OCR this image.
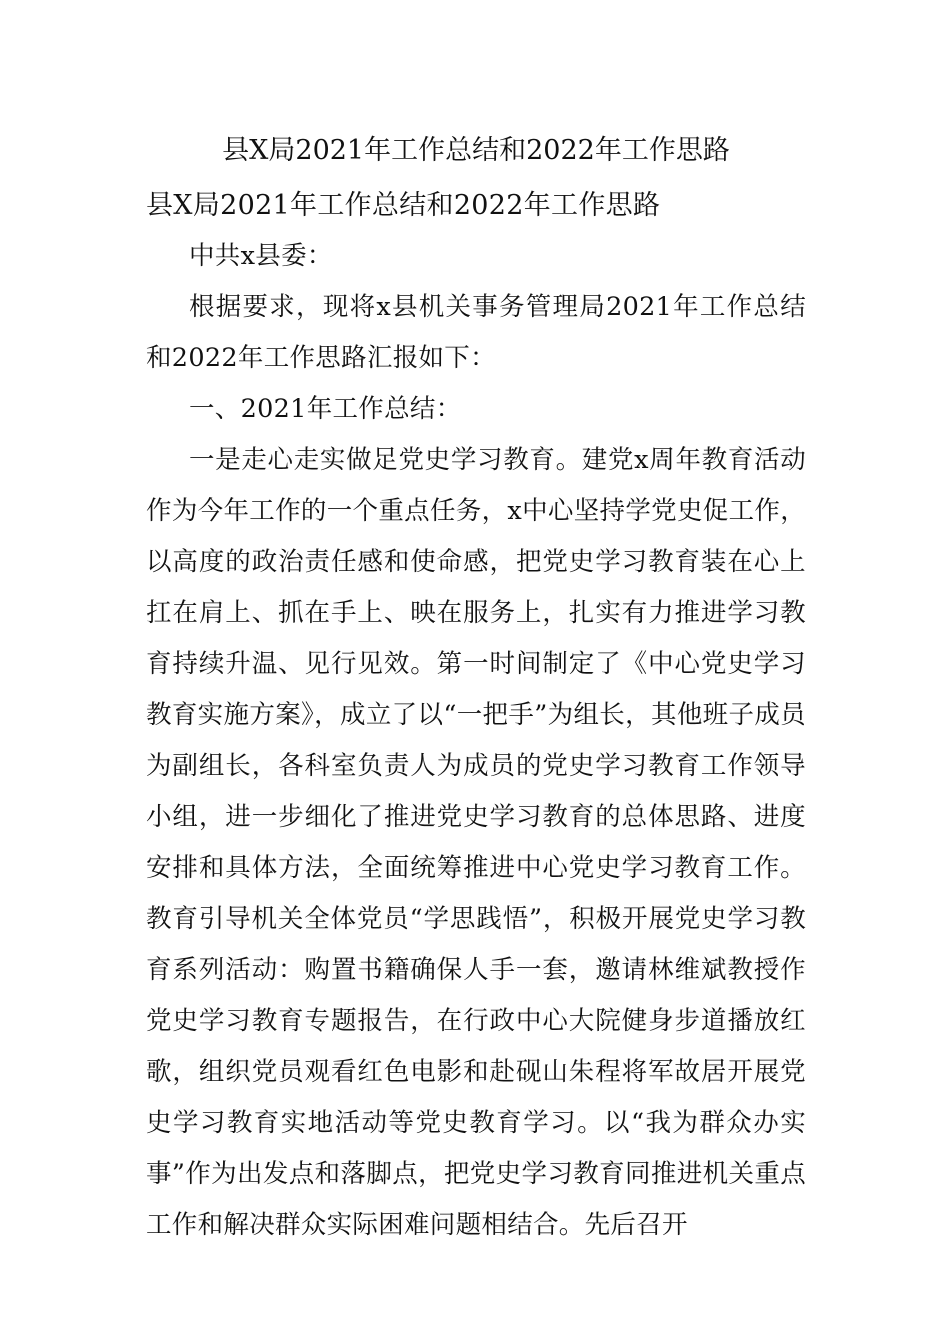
县X局2021年工作总结和2022年工作思路

县X局2021年工作总结和2022年工作思路

中共x县委：

根据要求，现将x县机关事务管理局2021年工作总结和2022年工作思路汇报如下：

一、2021年工作总结：

一是走心走实做足党史学习教育。建党x周年教育活动作为今年工作的一个重点任务，x中心坚持学党史促工作，以高度的政治责任感和使命感，把党史学习教育装在心上扛在肩上、抓在手上、映在服务上，扎实有力推进学习教育持续升温、见行见效。第一时间制定了《中心党史学习教育实施方案》，成立了以“一把手”为组长，其他班子成员为副组长，各科室负责人为成员的党史学习教育工作领导小组，进一步细化了推进党史学习教育的总体思路、进度安排和具体方法，全面统筹推进中心党史学习教育工作。教育引导机关全体党员“学思践悟”，积极开展党史学习教育系列活动：购置书籍确保人手一套，邀请林维斌教授作党史学习教育专题报告，在行政中心大院健身步道播放红歌，组织党员观看红色电影和赴砚山朱程将军故居开展党史学习教育实地活动等党史教育学习。以“我为群众办实事”作为出发点和落脚点，把党史学习教育同推进机关重点工作和解决群众实际困难问题相结合。先后召开
